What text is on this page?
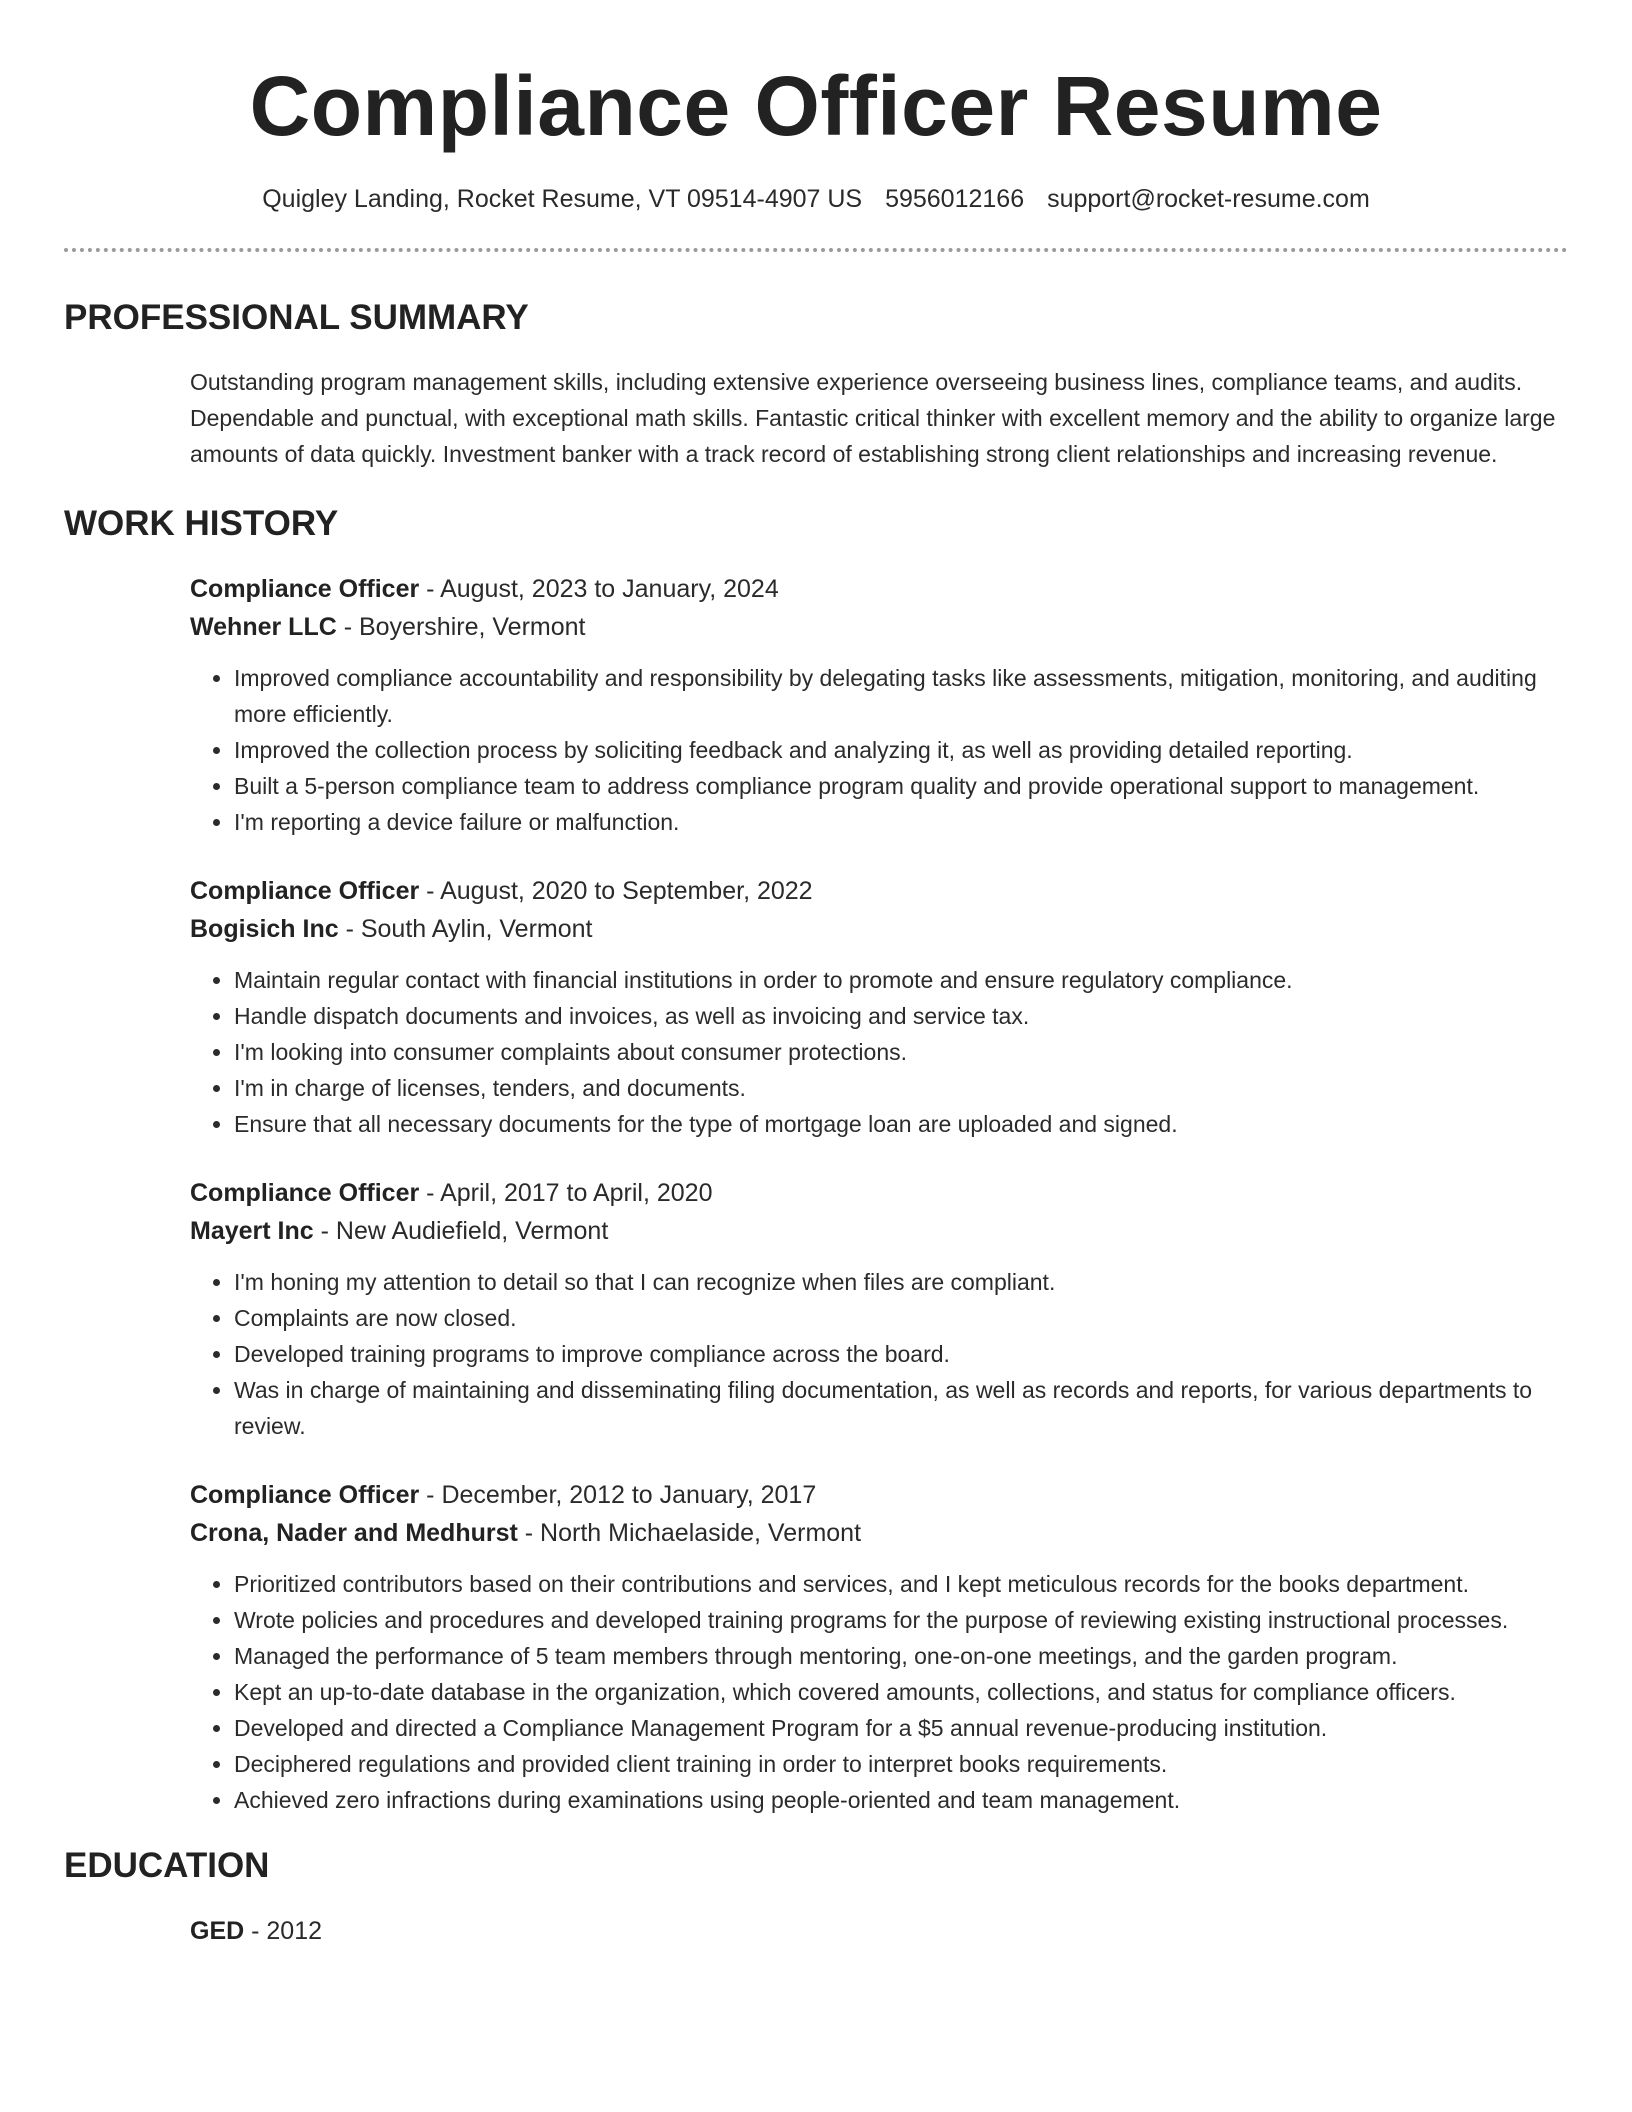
Compliance Officer Resume
Quigley Landing, Rocket Resume, VT 09514-4907 US 5956012166 support@rocket-resume.com
PROFESSIONAL SUMMARY

Outstanding program management skills, including extensive experience overseeing business lines, compliance teams, and audits. Dependable and punctual, with exceptional math skills. Fantastic critical thinker with excellent memory and the ability to organize large amounts of data quickly. Investment banker with a track record of establishing strong client relationships and increasing revenue.

WORK HISTORY
Compliance Officer - August, 2023 to January, 2024
Wehner LLC - Boyershire, Vermont
• Improved compliance accountability and responsibility by delegating tasks like assessments, mitigation, monitoring, and auditing more efficiently.
• Improved the collection process by soliciting feedback and analyzing it, as well as providing detailed reporting.
• Built a 5-person compliance team to address compliance program quality and provide operational support to management.
• I'm reporting a device failure or malfunction.
Compliance Officer - August, 2020 to September, 2022
Bogisich Inc - South Aylin, Vermont
• Maintain regular contact with financial institutions in order to promote and ensure regulatory compliance.
• Handle dispatch documents and invoices, as well as invoicing and service tax.
• I'm looking into consumer complaints about consumer protections.
• I'm in charge of licenses, tenders, and documents.
• Ensure that all necessary documents for the type of mortgage loan are uploaded and signed.
Compliance Officer - April, 2017 to April, 2020
Mayert Inc - New Audiefield, Vermont
• I'm honing my attention to detail so that I can recognize when files are compliant.
• Complaints are now closed.
• Developed training programs to improve compliance across the board.
• Was in charge of maintaining and disseminating filing documentation, as well as records and reports, for various departments to review.
Compliance Officer - December, 2012 to January, 2017
Crona, Nader and Medhurst - North Michaelaside, Vermont
• Prioritized contributors based on their contributions and services, and I kept meticulous records for the books department.
• Wrote policies and procedures and developed training programs for the purpose of reviewing existing instructional processes.
• Managed the performance of 5 team members through mentoring, one-on-one meetings, and the garden program.
• Kept an up-to-date database in the organization, which covered amounts, collections, and status for compliance officers.
• Developed and directed a Compliance Management Program for a $5 annual revenue-producing institution.
• Deciphered regulations and provided client training in order to interpret books requirements.
• Achieved zero infractions during examinations using people-oriented and team management.
EDUCATION
GED - 2012
